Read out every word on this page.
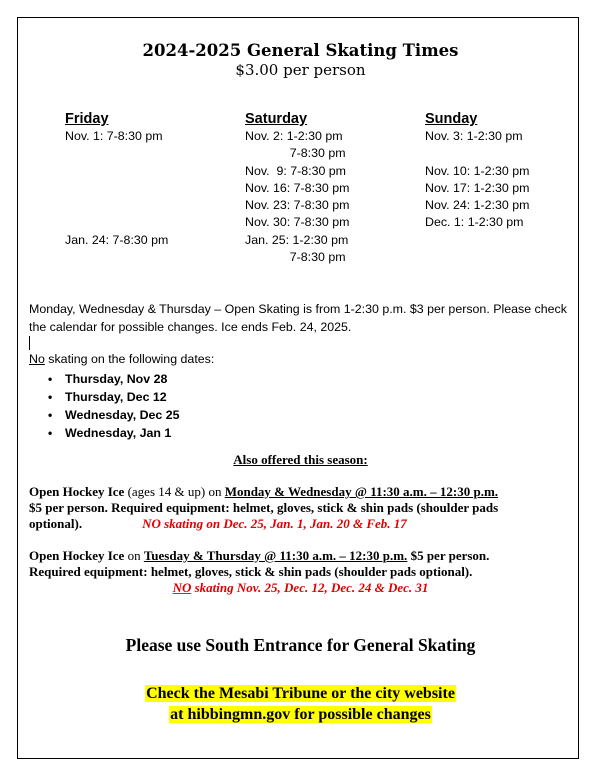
2024-2025 General Skating Times
$3.00 per person
Friday
Nov. 1: 7-8:30 pm
Jan. 24: 7-8:30 pm
Saturday
Nov. 2: 1-2:30 pm
7-8:30 pm
Nov.  9: 7-8:30 pm
Nov. 16: 7-8:30 pm
Nov. 23: 7-8:30 pm
Nov. 30: 7-8:30 pm
Jan. 25: 1-2:30 pm
7-8:30 pm
Sunday
Nov. 3: 1-2:30 pm
Nov. 10: 1-2:30 pm
Nov. 17: 1-2:30 pm
Nov. 24: 1-2:30 pm
Dec. 1: 1-2:30 pm
Monday, Wednesday & Thursday – Open Skating is from 1-2:30 p.m. $3 per person. Please check the calendar for possible changes. Ice ends Feb. 24, 2025.
No skating on the following dates:
• Thursday, Nov 28
• Thursday, Dec 12
• Wednesday, Dec 25
• Wednesday, Jan 1
Also offered this season:
Open Hockey Ice (ages 14 & up) on Monday & Wednesday @ 11:30 a.m. – 12:30 p.m.
$5 per person. Required equipment: helmet, gloves, stick & shin pads (shoulder pads
optional).	NO skating on Dec. 25, Jan. 1, Jan. 20 & Feb. 17
Open Hockey Ice on Tuesday & Thursday @ 11:30 a.m. – 12:30 p.m. $5 per person.
Required equipment: helmet, gloves, stick & shin pads (shoulder pads optional).
NO skating Nov. 25, Dec. 12, Dec. 24 & Dec. 31
Please use South Entrance for General Skating
Check the Mesabi Tribune or the city website
at hibbingmn.gov for possible changes
